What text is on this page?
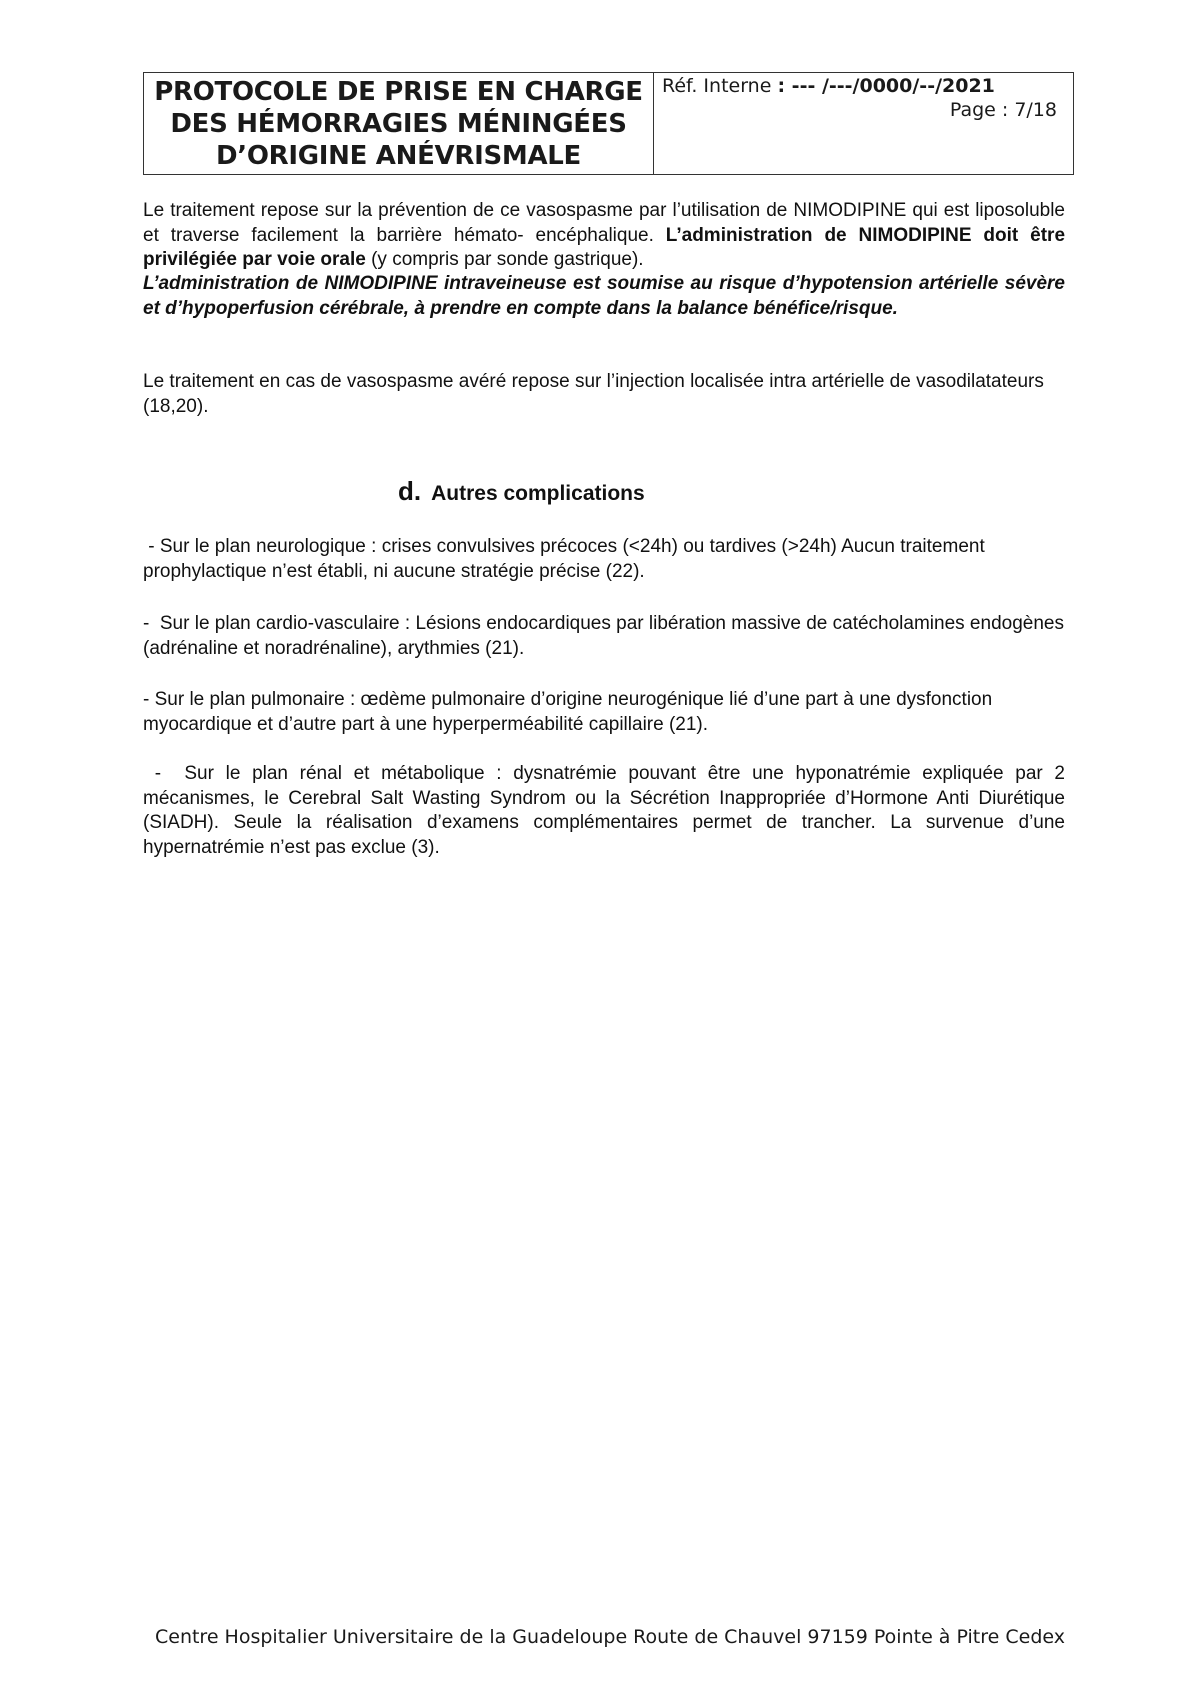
PROTOCOLE DE PRISE EN CHARGE
DES HÉMORRAGIES MÉNINGÉES
D’ORIGINE ANÉVRISMALE
Réf. Interne : --- /---/0000/--/2021
Page : 7/18
Le traitement repose sur la prévention de ce vasospasme par l’utilisation de NIMODIPINE qui est liposoluble et traverse facilement la barrière hémato- encéphalique. L’administration de NIMODIPINE doit être privilégiée par voie orale (y compris par sonde gastrique).
L’administration de NIMODIPINE intraveineuse est soumise au risque d’hypotension artérielle sévère et d’hypoperfusion cérébrale, à prendre en compte dans la balance bénéfice/risque.
Le traitement en cas de vasospasme avéré repose sur l’injection localisée intra artérielle de vasodilatateurs (18,20).
d. Autres complications
- Sur le plan neurologique : crises convulsives précoces (<24h) ou tardives (>24h) Aucun traitement prophylactique n’est établi, ni aucune stratégie précise (22).
-  Sur le plan cardio-vasculaire : Lésions endocardiques par libération massive de catécholamines endogènes (adrénaline et noradrénaline), arythmies (21).
- Sur le plan pulmonaire : œdème pulmonaire d’origine neurogénique lié d’une part à une dysfonction myocardique et d’autre part à une hyperperméabilité capillaire (21).
-  Sur le plan rénal et métabolique : dysnatrémie pouvant être une hyponatrémie expliquée par 2 mécanismes, le Cerebral Salt Wasting Syndrom ou la Sécrétion Inappropriée d’Hormone Anti Diurétique (SIADH). Seule la réalisation d’examens complémentaires permet de trancher. La survenue d’une hypernatrémie n’est pas exclue (3).
Centre Hospitalier Universitaire de la Guadeloupe Route de Chauvel 97159 Pointe à Pitre Cedex
